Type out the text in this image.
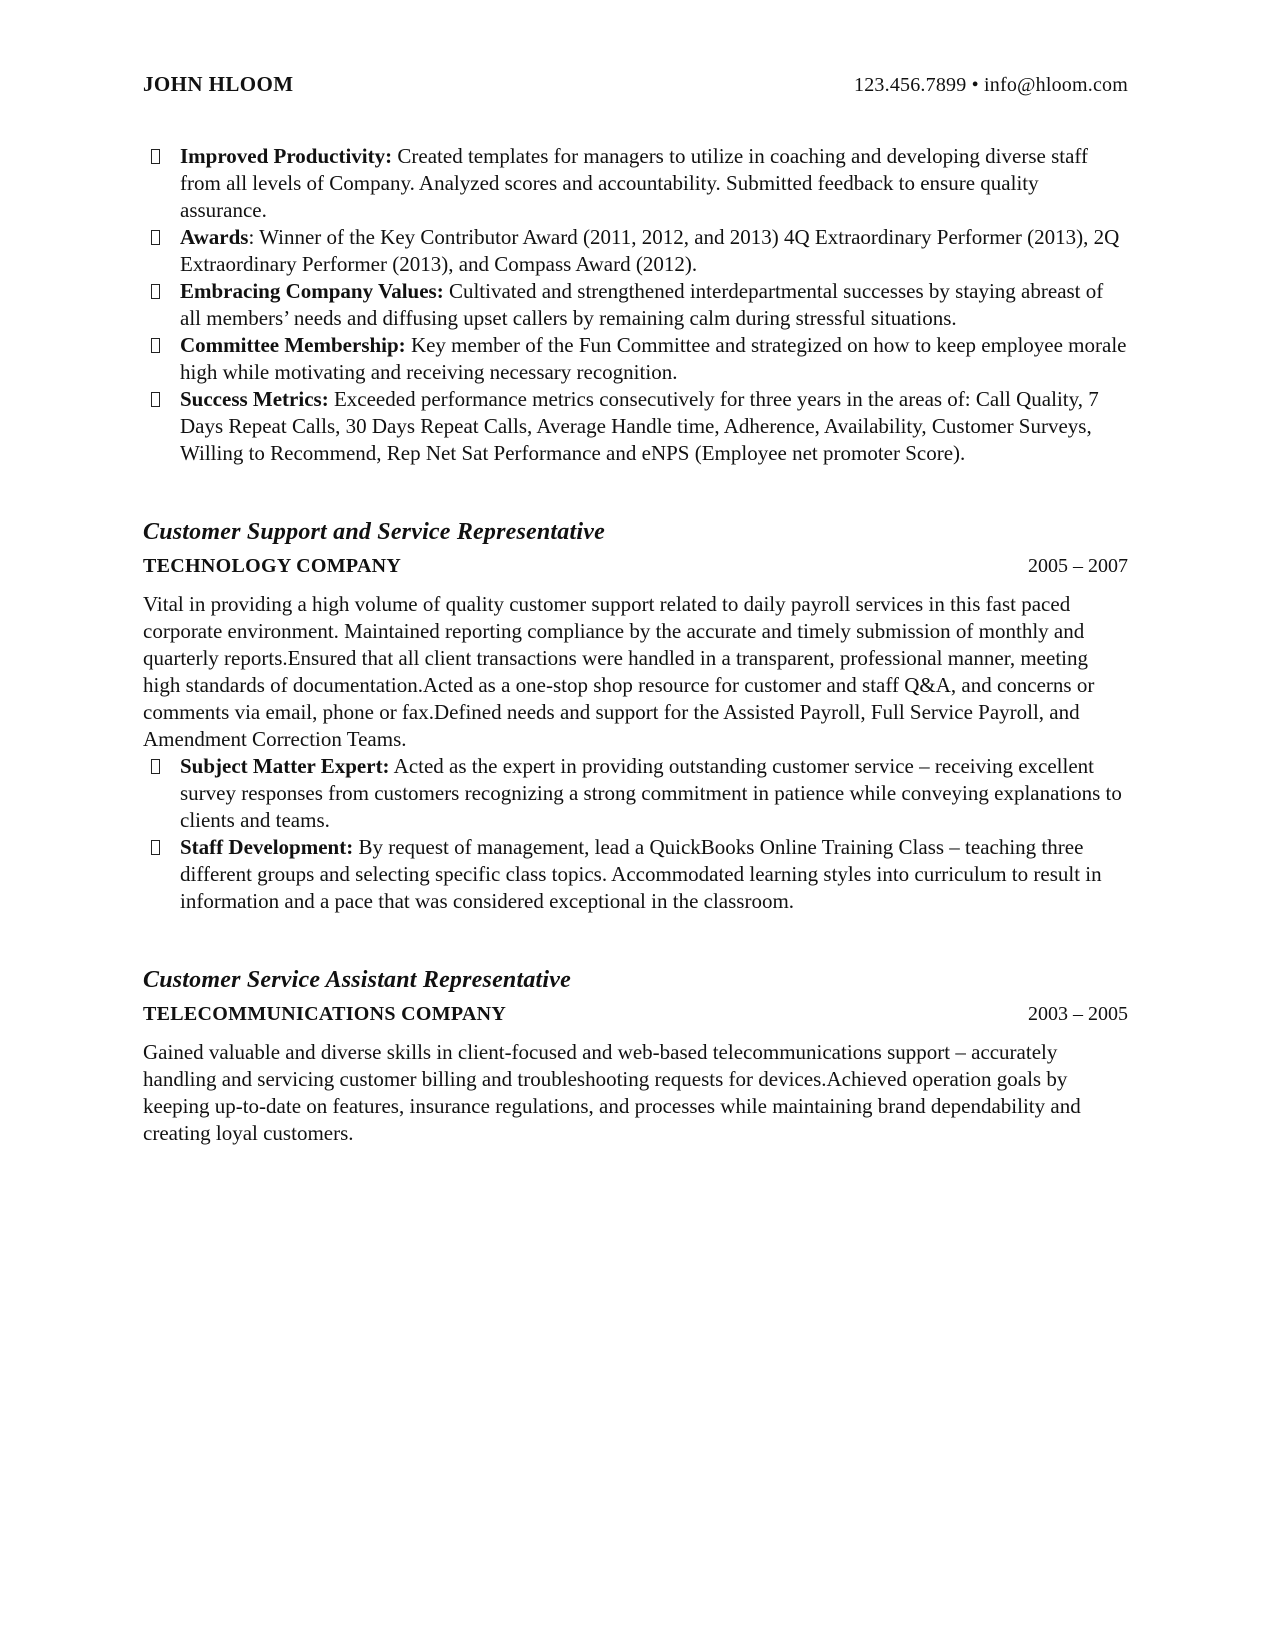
JOHN HLOOM	123.456.7899 • info@hloom.com
Improved Productivity: Created templates for managers to utilize in coaching and developing diverse staff from all levels of Company. Analyzed scores and accountability. Submitted feedback to ensure quality assurance.
Awards: Winner of the Key Contributor Award (2011, 2012, and 2013) 4Q Extraordinary Performer (2013), 2Q Extraordinary Performer (2013), and Compass Award (2012).
Embracing Company Values: Cultivated and strengthened interdepartmental successes by staying abreast of all members’ needs and diffusing upset callers by remaining calm during stressful situations.
Committee Membership: Key member of the Fun Committee and strategized on how to keep employee morale high while motivating and receiving necessary recognition.
Success Metrics: Exceeded performance metrics consecutively for three years in the areas of: Call Quality, 7 Days Repeat Calls, 30 Days Repeat Calls, Average Handle time, Adherence, Availability, Customer Surveys, Willing to Recommend, Rep Net Sat Performance and eNPS (Employee net promoter Score).
Customer Support and Service Representative
TECHNOLOGY COMPANY	2005 – 2007

Vital in providing a high volume of quality customer support related to daily payroll services in this fast paced corporate environment. Maintained reporting compliance by the accurate and timely submission of monthly and quarterly reports.Ensured that all client transactions were handled in a transparent, professional manner, meeting high standards of documentation.Acted as a one-stop shop resource for customer and staff Q&A, and concerns or comments via email, phone or fax.Defined needs and support for the Assisted Payroll, Full Service Payroll, and Amendment Correction Teams.

Subject Matter Expert: Acted as the expert in providing outstanding customer service – receiving excellent survey responses from customers recognizing a strong commitment in patience while conveying explanations to clients and teams.
Staff Development: By request of management, lead a QuickBooks Online Training Class – teaching three different groups and selecting specific class topics. Accommodated learning styles into curriculum to result in information and a pace that was considered exceptional in the classroom.
Customer Service Assistant Representative
TELECOMMUNICATIONS COMPANY	2003 – 2005

Gained valuable and diverse skills in client-focused and web-based telecommunications support – accurately handling and servicing customer billing and troubleshooting requests for devices.Achieved operation goals by keeping up-to-date on features, insurance regulations, and processes while maintaining brand dependability and creating loyal customers.
